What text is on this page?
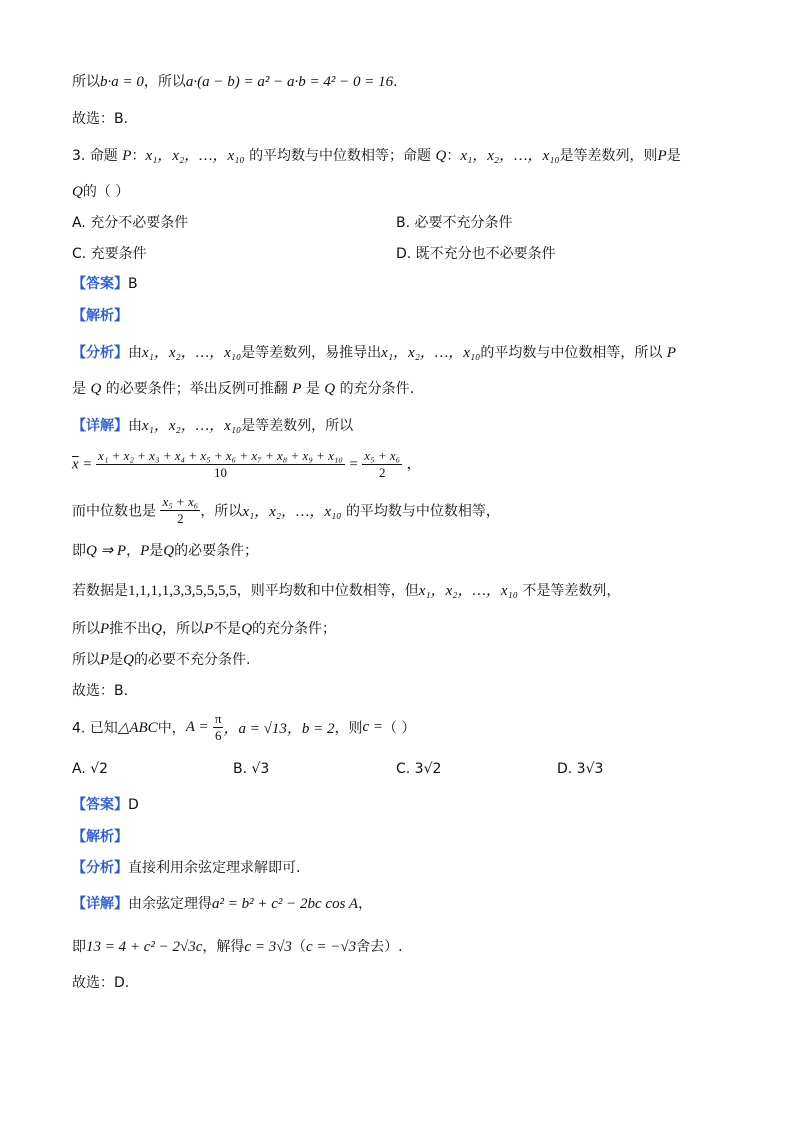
所以b·a = 0，所以a·(a − b) = a² − a·b = 4² − 0 = 16.
故选：B.
3. 命题 P：x₁，x₂，…，x₁₀ 的平均数与中位数相等；命题 Q：x₁，x₂，…，x₁₀是等差数列，则P是
Q的（ ）
A. 充分不必要条件	B. 必要不充分条件
C. 充要条件	D. 既不充分也不必要条件
【答案】B
【解析】
【分析】由x₁，x₂，…，x₁₀是等差数列，易推导出x₁，x₂，…，x₁₀的平均数与中位数相等，所以 P
是 Q 的必要条件；举出反例可推翻 P 是 Q 的充分条件.
【详解】由x₁，x₂，…，x₁₀是等差数列，所以
$\overline{x} = \frac{\text{x₁ + x₂ + x₃ + x₄ + x₅ + x₆ + x₇ + x₈ + x₉ + x₁₀}}{10} = \frac{\text{x₅ + x₆}}{2}$ ，
而中位数也是 $\frac{\text{x₅ + x₆}}{2}$ ，所以x₁，x₂，…，x₁₀ 的平均数与中位数相等，
即Q ⇒ P，P是Q的必要条件；
若数据是1,1,1,1,3,3,5,5,5,5，则平均数和中位数相等，但x₁，x₂，…，x₁₀ 不是等差数列，
所以P推不出Q，所以P不是Q的充分条件；
所以P是Q的必要不充分条件.
故选：B.
4. 已知△ABC中，$A = \frac{\pi}{6}$ ，a = √13，b = 2，则c =（ ）
A. √2	B. √3	C. 3√2	D. 3√3
【答案】D
【解析】
【分析】直接利用余弦定理求解即可.
【详解】由余弦定理得a² = b² + c² − 2bc cos A，
即13 = 4 + c² − 2√3c，解得c = 3√3（c = −√3舍去）.
故选：D.
